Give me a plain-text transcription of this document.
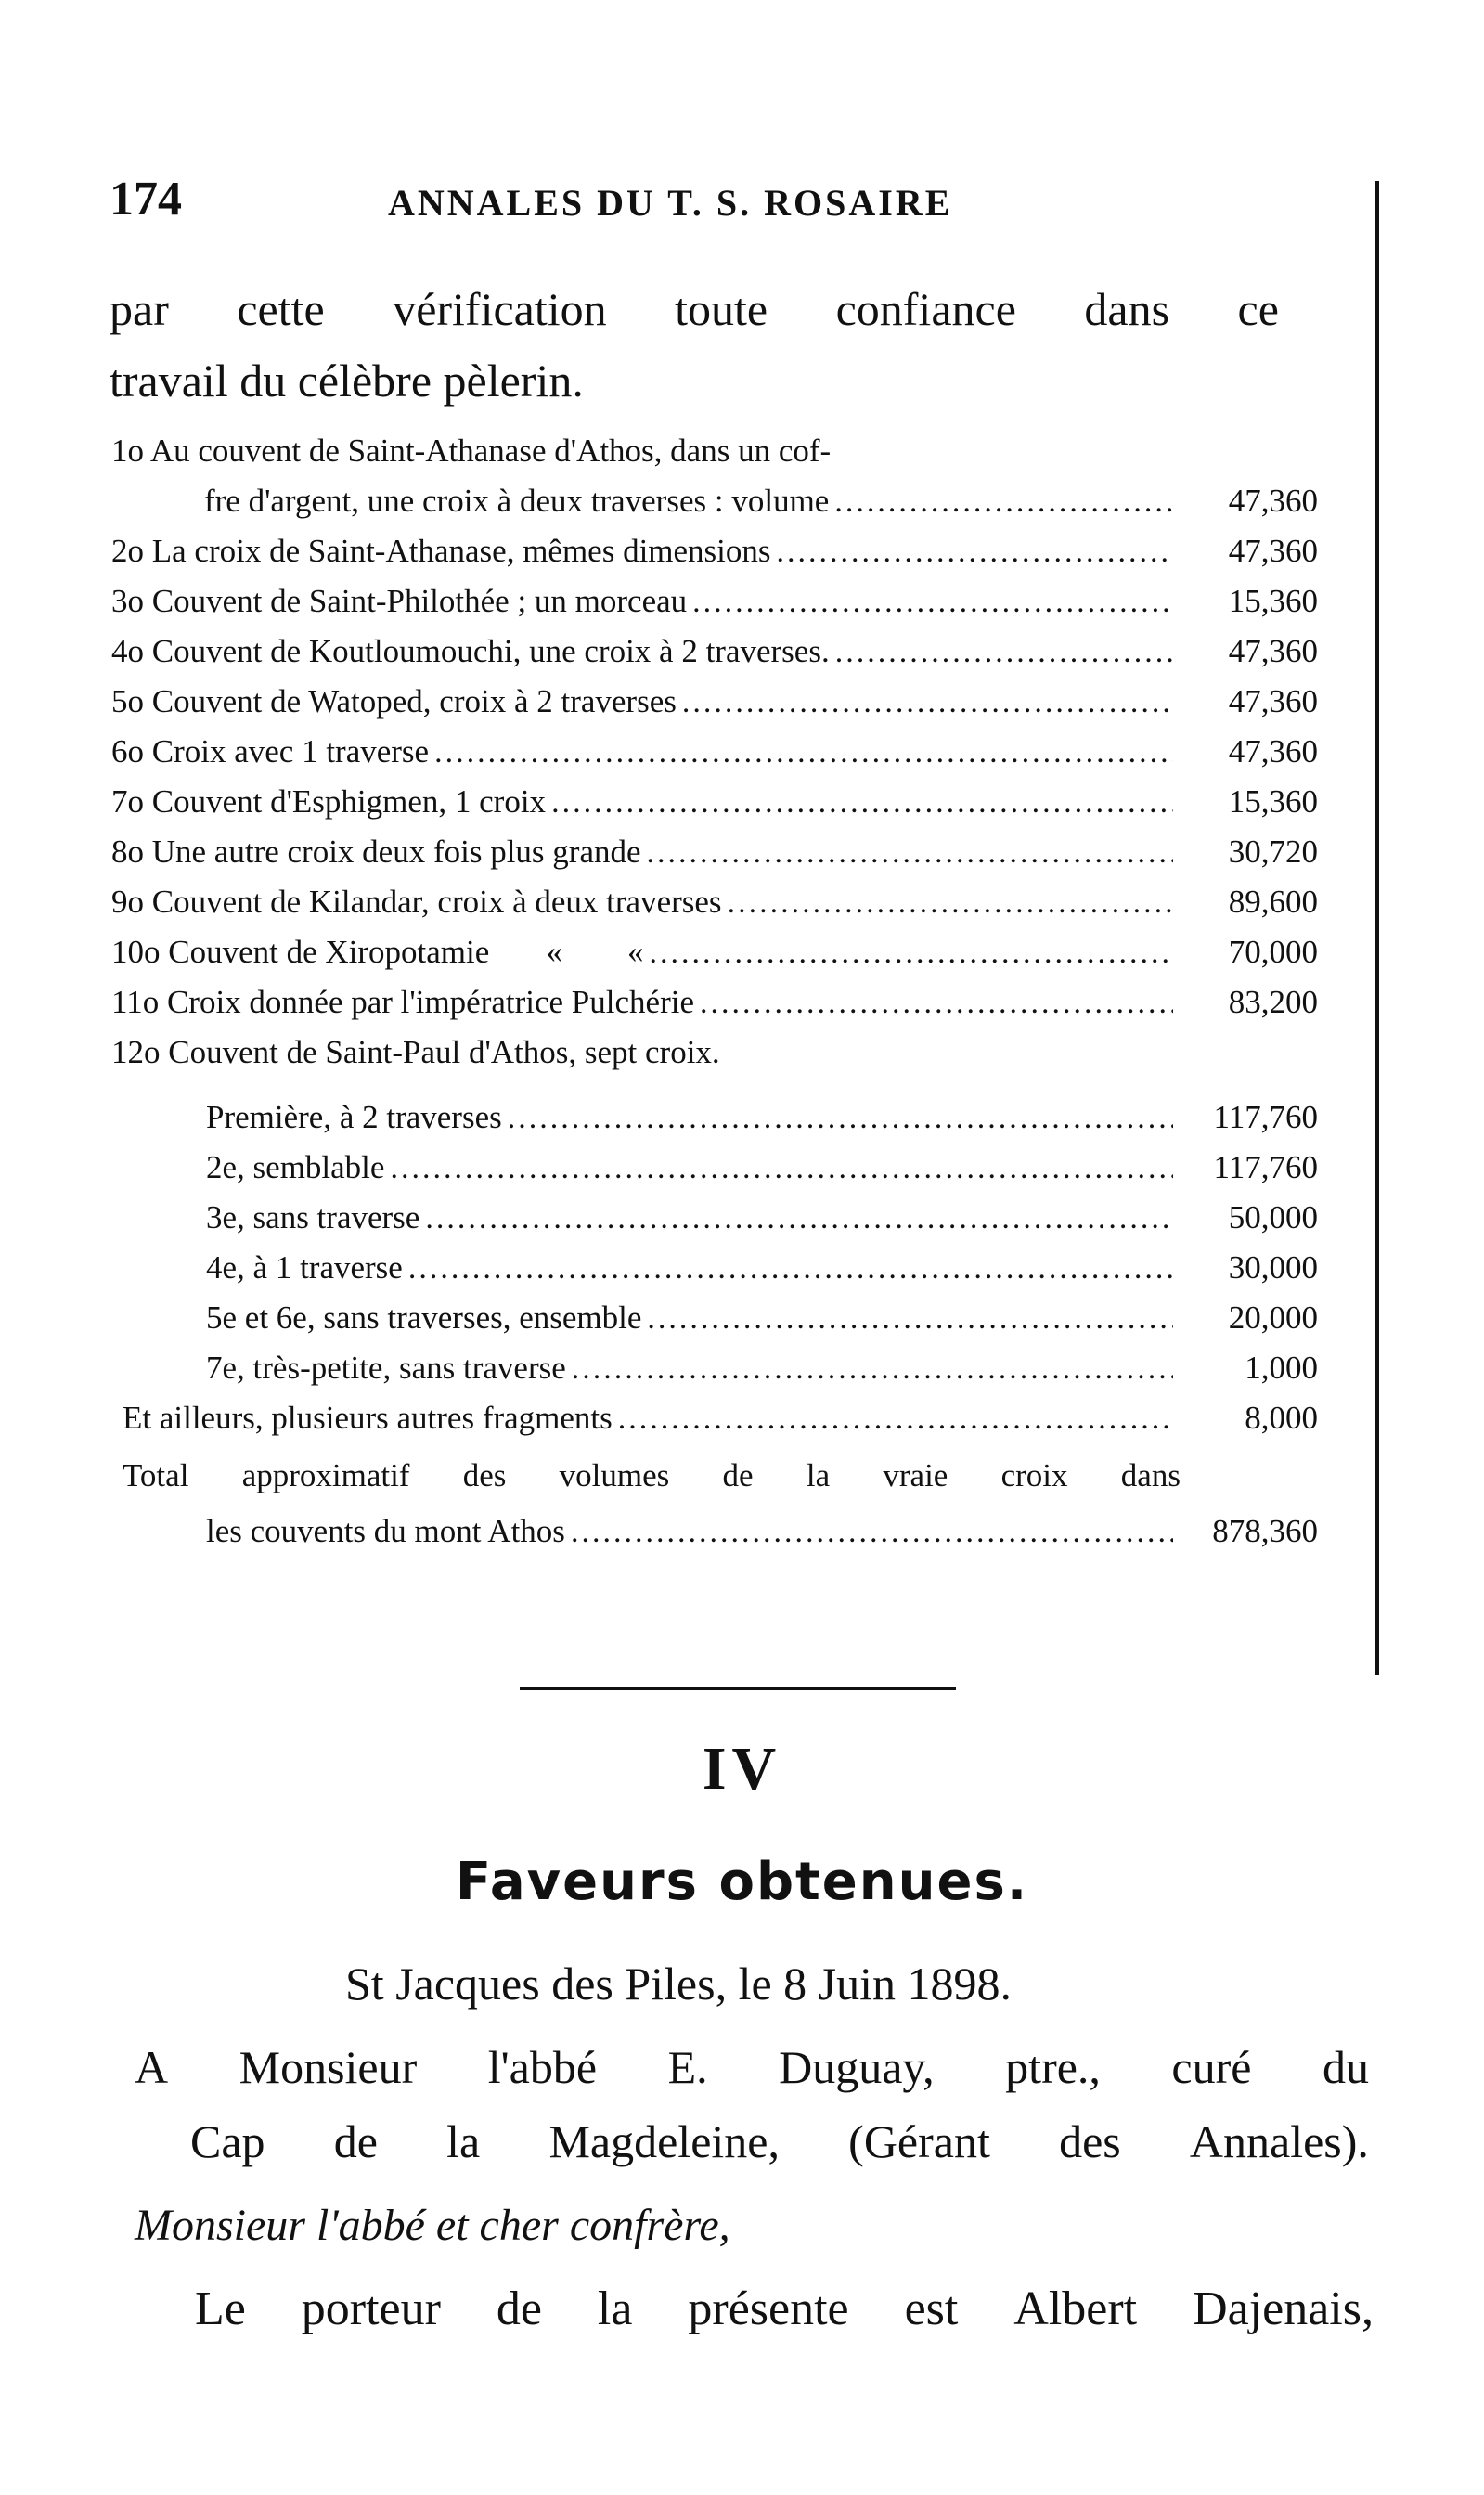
174	ANNALES DU T. S. ROSAIRE
par cette vérification toute confiance dans ce
travail du célèbre pèlerin.
1o Au couvent de Saint-Athanase d'Athos, dans un cof-
fre d'argent, une croix à deux traverses : volume .....	47,360
2o La croix de Saint-Athanase, mêmes dimensions .....	47,360
3o Couvent de Saint-Philothée ; un morceau .....	15,360
4o Couvent de Koutloumouchi, une croix à 2 traverses. .....	47,360
5o Couvent de Watoped, croix à 2 traverses .....	47,360
6o Croix avec 1 traverse .....	47,360
7o Couvent d'Esphigmen, 1 croix .....	15,360
8o Une autre croix deux fois plus grande .....	30,720
9o Couvent de Kilandar, croix à deux traverses .....	89,600
10o Couvent de Xiropotamie       «        « .....	70,000
11o Croix donnée par l'impératrice Pulchérie .....	83,200
12o Couvent de Saint-Paul d'Athos, sept croix.
Première, à 2 traverses .....	117,760
2e, semblable .....	117,760
3e, sans traverse .....	50,000
4e, à 1 traverse .....	30,000
5e et 6e, sans traverses, ensemble .....	20,000
7e, très-petite, sans traverse .....	1,000
Et ailleurs, plusieurs autres fragments .....	8,000
Total approximatif des volumes de la vraie croix dans
les couvents du mont Athos .....	878,360
IV
Faveurs obtenues.
St Jacques des Piles, le 8 Juin 1898.
A Monsieur l'abbé E. Duguay, ptre., curé du
Cap de la Magdeleine, (Gérant des Annales).
Monsieur l'abbé et cher confrère,
Le porteur de la présente est Albert Dajenais,
